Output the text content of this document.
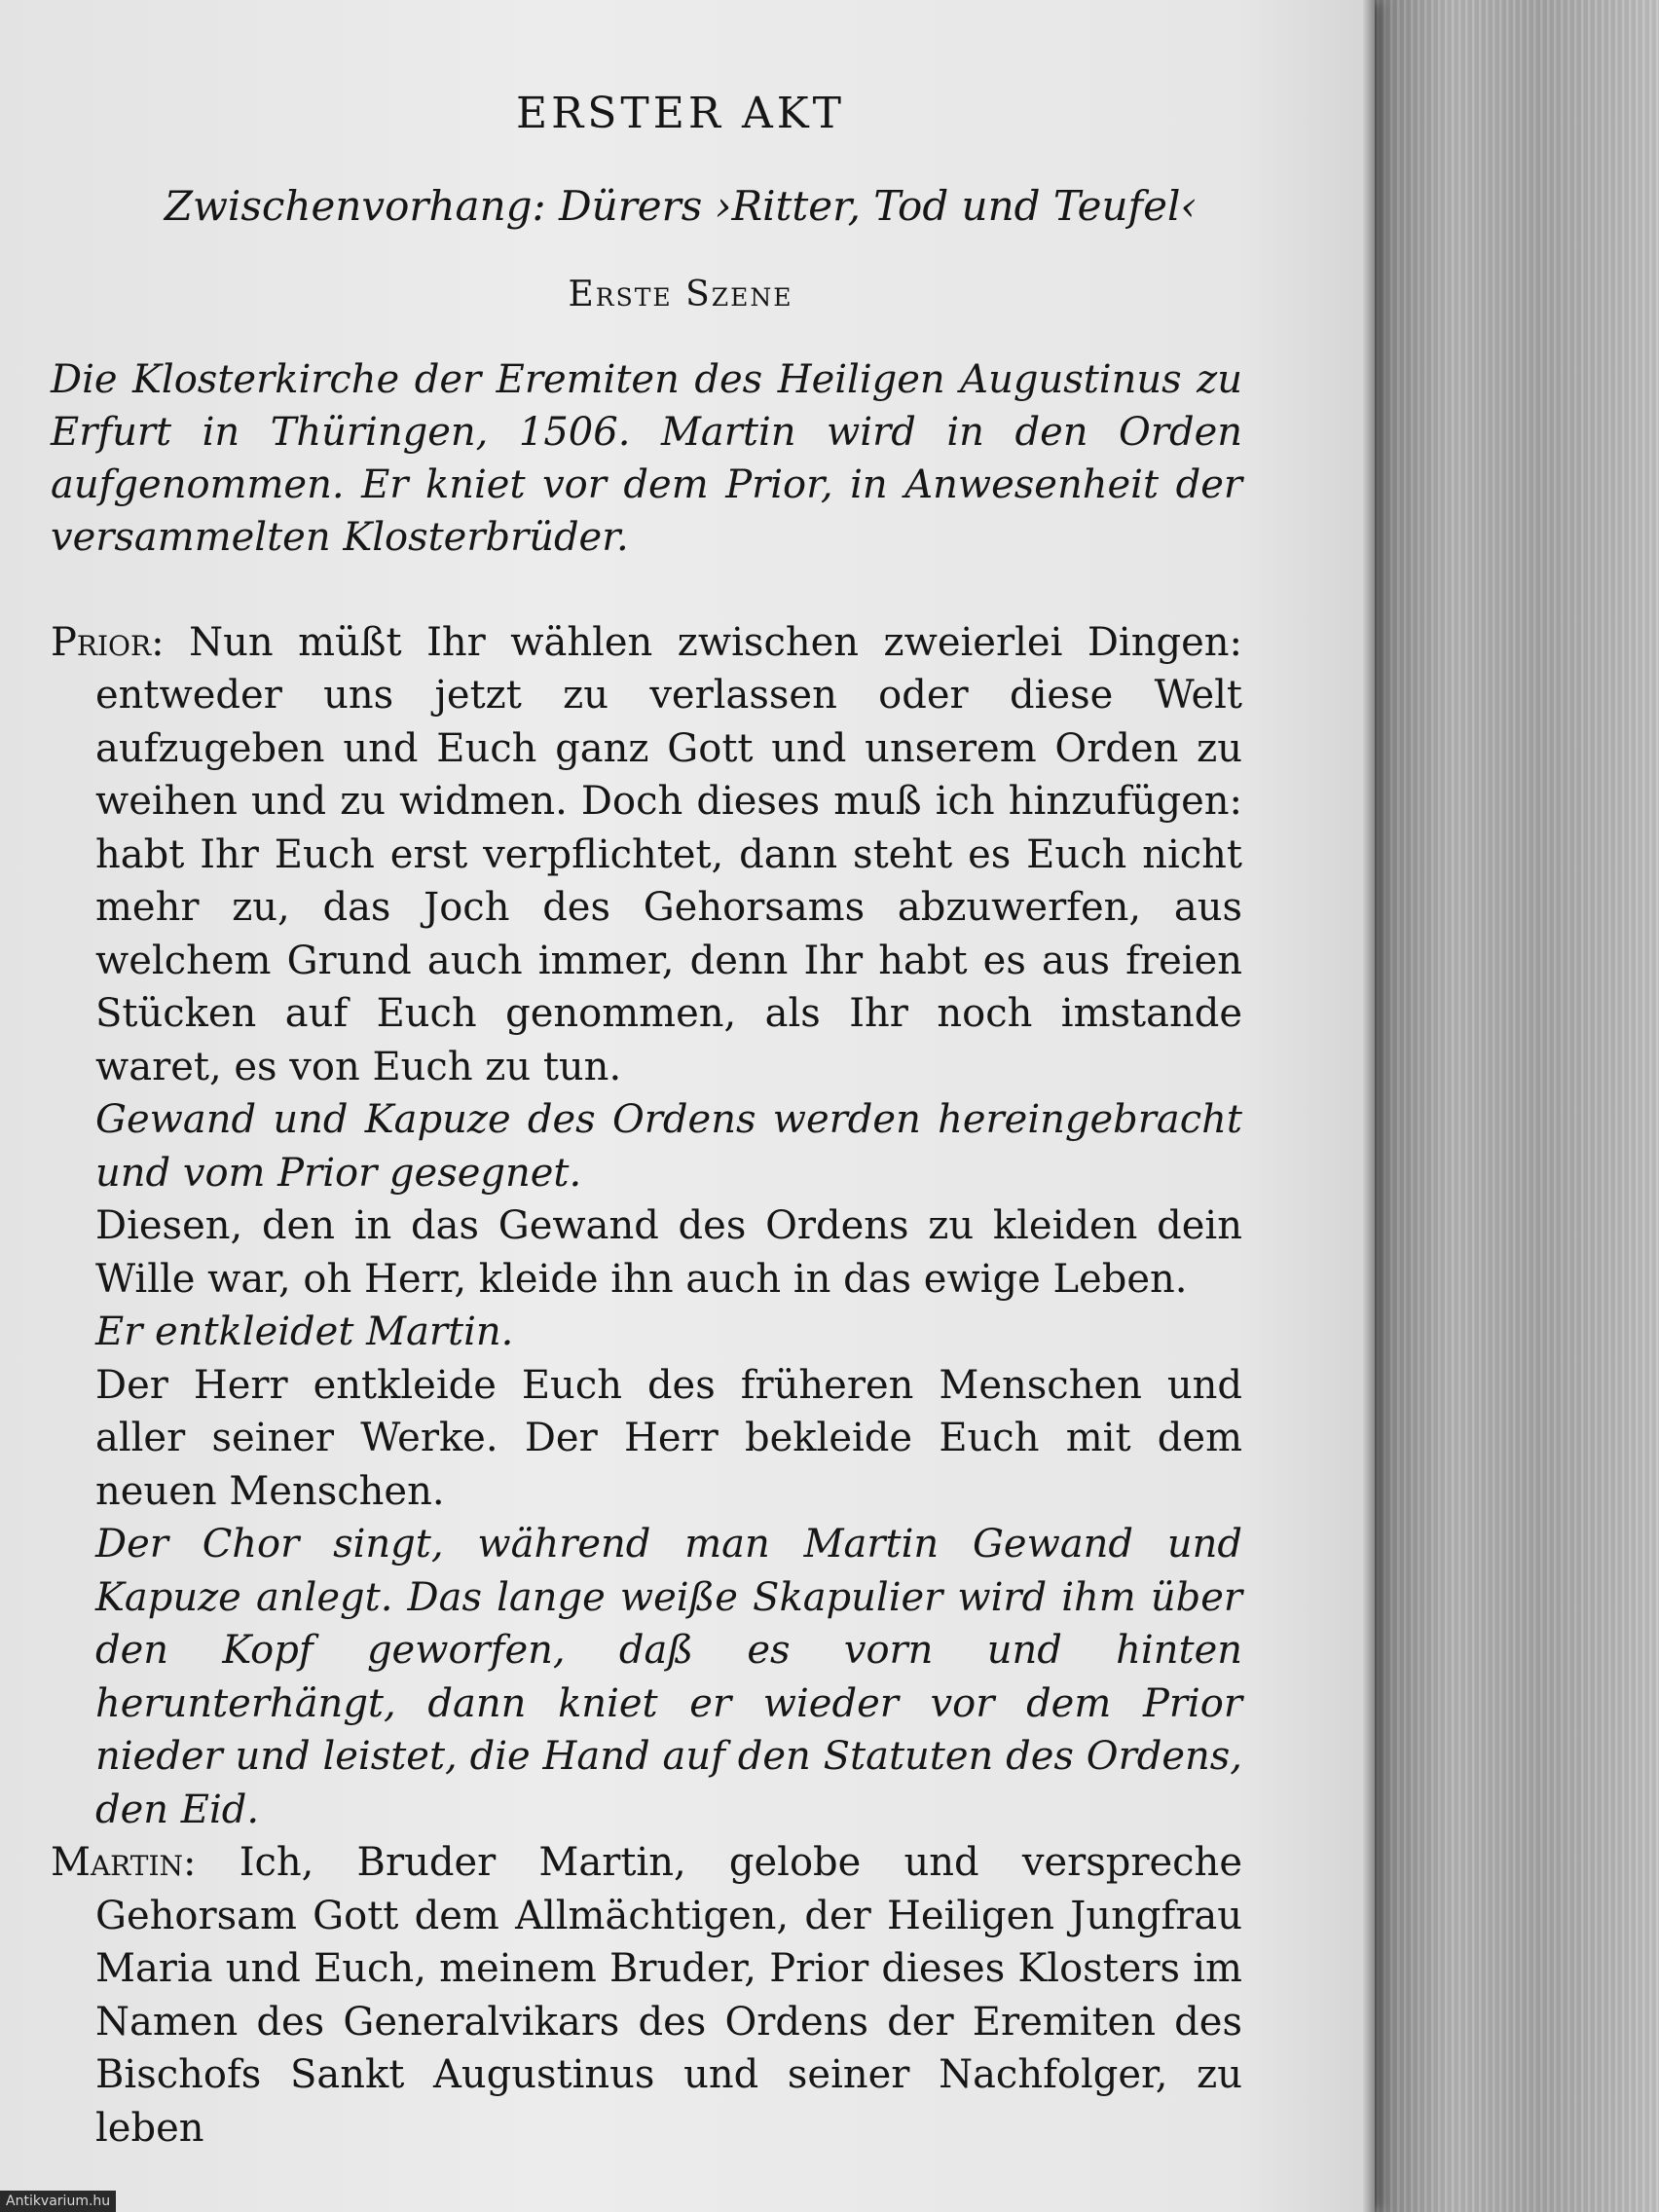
ERSTER AKT
Zwischenvorhang: Dürers ›Ritter, Tod und Teufel‹
Erste Szene

Die Klosterkirche der Eremiten des Heiligen Augustinus zu Erfurt in Thüringen, 1506. Martin wird in den Orden aufgenommen. Er kniet vor dem Prior, in Anwesenheit der versammelten Klosterbrüder.

Prior: Nun müßt Ihr wählen zwischen zweierlei Dingen: entweder uns jetzt zu verlassen oder diese Welt aufzugeben und Euch ganz Gott und unserem Orden zu weihen und zu widmen. Doch dieses muß ich hinzufügen: habt Ihr Euch erst verpflichtet, dann steht es Euch nicht mehr zu, das Joch des Gehorsams abzuwerfen, aus welchem Grund auch immer, denn Ihr habt es aus freien Stücken auf Euch genommen, als Ihr noch imstande waret, es von Euch zu tun.

Gewand und Kapuze des Ordens werden hereingebracht und vom Prior gesegnet.

Diesen, den in das Gewand des Ordens zu kleiden dein Wille war, oh Herr, kleide ihn auch in das ewige Leben.

Er entkleidet Martin.

Der Herr entkleide Euch des früheren Menschen und aller seiner Werke. Der Herr bekleide Euch mit dem neuen Menschen.

Der Chor singt, während man Martin Gewand und Kapuze anlegt. Das lange weiße Skapulier wird ihm über den Kopf geworfen, daß es vorn und hinten herunterhängt, dann kniet er wieder vor dem Prior nieder und leistet, die Hand auf den Statuten des Ordens, den Eid.

Martin: Ich, Bruder Martin, gelobe und verspreche Gehorsam Gott dem Allmächtigen, der Heiligen Jungfrau Maria und Euch, meinem Bruder, Prior dieses Klosters im Namen des Generalvikars des Ordens der Eremiten des Bischofs Sankt Augustinus und seiner Nachfolger, zu leben

Antikvarium.hu
